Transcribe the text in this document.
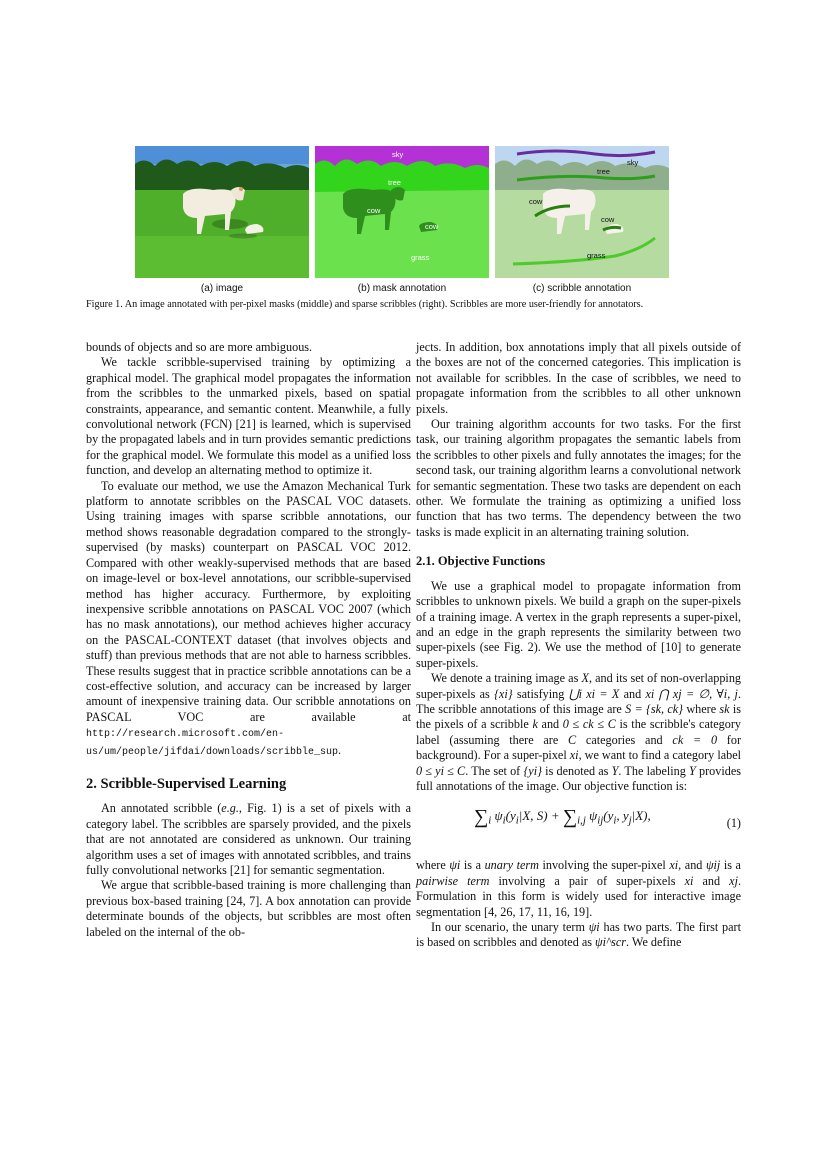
sky
tree
cow
cow
grass
sky
tree
cow
cow
grass
(a) image	(b) mask annotation	(c) scribble annotation
Figure 1. An image annotated with per-pixel masks (middle) and sparse scribbles (right). Scribbles are more user-friendly for annotators.

bounds of objects and so are more ambiguous.

We tackle scribble-supervised training by optimizing a graphical model. The graphical model propagates the information from the scribbles to the unmarked pixels, based on spatial constraints, appearance, and semantic content. Meanwhile, a fully convolutional network (FCN) [21] is learned, which is supervised by the propagated labels and in turn provides semantic predictions for the graphical model. We formulate this model as a unified loss function, and develop an alternating method to optimize it.

To evaluate our method, we use the Amazon Mechanical Turk platform to annotate scribbles on the PASCAL VOC datasets. Using training images with sparse scribble annotations, our method shows reasonable degradation compared to the strongly-supervised (by masks) counterpart on PASCAL VOC 2012. Compared with other weakly-supervised methods that are based on image-level or box-level annotations, our scribble-supervised method has higher accuracy. Furthermore, by exploiting inexpensive scribble annotations on PASCAL VOC 2007 (which has no mask annotations), our method achieves higher accuracy on the PASCAL-CONTEXT dataset (that involves objects and stuff) than previous methods that are not able to harness scribbles. These results suggest that in practice scribble annotations can be a cost-effective solution, and accuracy can be increased by larger amount of inexpensive training data. Our scribble annotations on PASCAL VOC are available at http://research.microsoft.com/en-us/um/people/jifdai/downloads/scribble_sup.

2. Scribble-Supervised Learning

An annotated scribble (e.g., Fig. 1) is a set of pixels with a category label. The scribbles are sparsely provided, and the pixels that are not annotated are considered as unknown. Our training algorithm uses a set of images with annotated scribbles, and trains fully convolutional networks [21] for semantic segmentation.

We argue that scribble-based training is more challenging than previous box-based training [24, 7]. A box annotation can provide determinate bounds of the objects, but scribbles are most often labeled on the internal of the ob-

jects. In addition, box annotations imply that all pixels outside of the boxes are not of the concerned categories. This implication is not available for scribbles. In the case of scribbles, we need to propagate information from the scribbles to all other unknown pixels.

Our training algorithm accounts for two tasks. For the first task, our training algorithm propagates the semantic labels from the scribbles to other pixels and fully annotates the images; for the second task, our training algorithm learns a convolutional network for semantic segmentation. These two tasks are dependent on each other. We formulate the training as optimizing a unified loss function that has two terms. The dependency between the two tasks is made explicit in an alternating training solution.

2.1. Objective Functions

We use a graphical model to propagate information from scribbles to unknown pixels. We build a graph on the super-pixels of a training image. A vertex in the graph represents a super-pixel, and an edge in the graph represents the similarity between two super-pixels (see Fig. 2). We use the method of [10] to generate super-pixels.

We denote a training image as X, and its set of non-overlapping super-pixels as {xi} satisfying ⋃i xi = X and xi ⋂ xj = ∅, ∀i, j. The scribble annotations of this image are S = {sk, ck} where sk is the pixels of a scribble k and 0 ≤ ck ≤ C is the scribble's category label (assuming there are C categories and ck = 0 for background). For a super-pixel xi, we want to find a category label 0 ≤ yi ≤ C. The set of {yi} is denoted as Y. The labeling Y provides full annotations of the image. Our objective function is:

$\sum_i$ $\psi_i(y_i|X$, $S) + \sum_{i,j}$ $\psi_{ij}(y_i$, $y_j|X$),	(1)

where ψi is a unary term involving the super-pixel xi, and ψij is a pairwise term involving a pair of super-pixels xi and xj. Formulation in this form is widely used for interactive image segmentation [4, 26, 17, 11, 16, 19].

In our scenario, the unary term ψi has two parts. The first part is based on scribbles and denoted as ψi^scr. We define
